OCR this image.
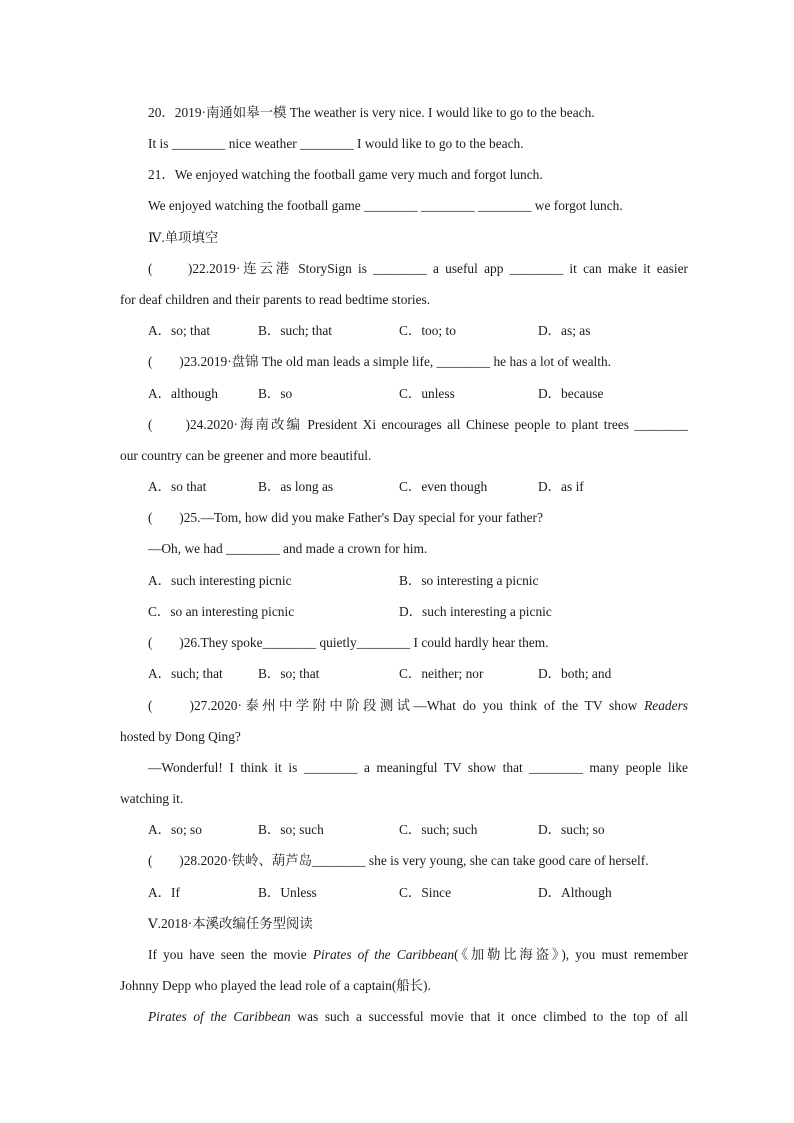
20．2019·南通如皋一模 The weather is very nice. I would like to go to the beach.
It is ________ nice weather ________ I would like to go to the beach.
21．We enjoyed watching the football game very much and forgot lunch.
We enjoyed watching the football game ________ ________ ________ we forgot lunch.
Ⅳ.单项填空
(　　)22.2019·连云港 StorySign is ________ a useful app ________ it can make it easier
for deaf children and their parents to read bedtime stories.
A．so; that	B．such; that	C．too; to	D．as; as
(　　)23.2019·盘锦 The old man leads a simple life, ________ he has a lot of wealth.
A．although	B．so	C．unless	D．because
(　　)24.2020·海南改编 President Xi encourages all Chinese people to plant trees ________
our country can be greener and more beautiful.
A．so that	B．as long as	C．even though	D．as if
(　　)25.—Tom, how did you make Father's Day special for your father?
—Oh, we had ________ and made a crown for him.
A．such interesting picnic	B．so interesting a picnic
C．so an interesting picnic	D．such interesting a picnic
(　　)26.They spoke________ quietly________ I could hardly hear them.
A．such; that	B．so; that	C．neither; nor	D．both; and
(　　)27.2020·泰州中学附中阶段测试—What do you think of the TV show Readers
hosted by Dong Qing?
—Wonderful! I think it is ________ a meaningful TV show that ________ many people like
watching it.
A．so; so	B．so; such	C．such; such	D．such; so
(　　)28.2020·铁岭、葫芦岛________ she is very young, she can take good care of herself.
A．If	B．Unless	C．Since	D．Although
Ⅴ.2018·本溪改编任务型阅读
If you have seen the movie Pirates of the Caribbean(《加勒比海盗》), you must remember
Johnny Depp who played the lead role of a captain(船长).
Pirates of the Caribbean was such a successful movie that it once climbed to the top of all
